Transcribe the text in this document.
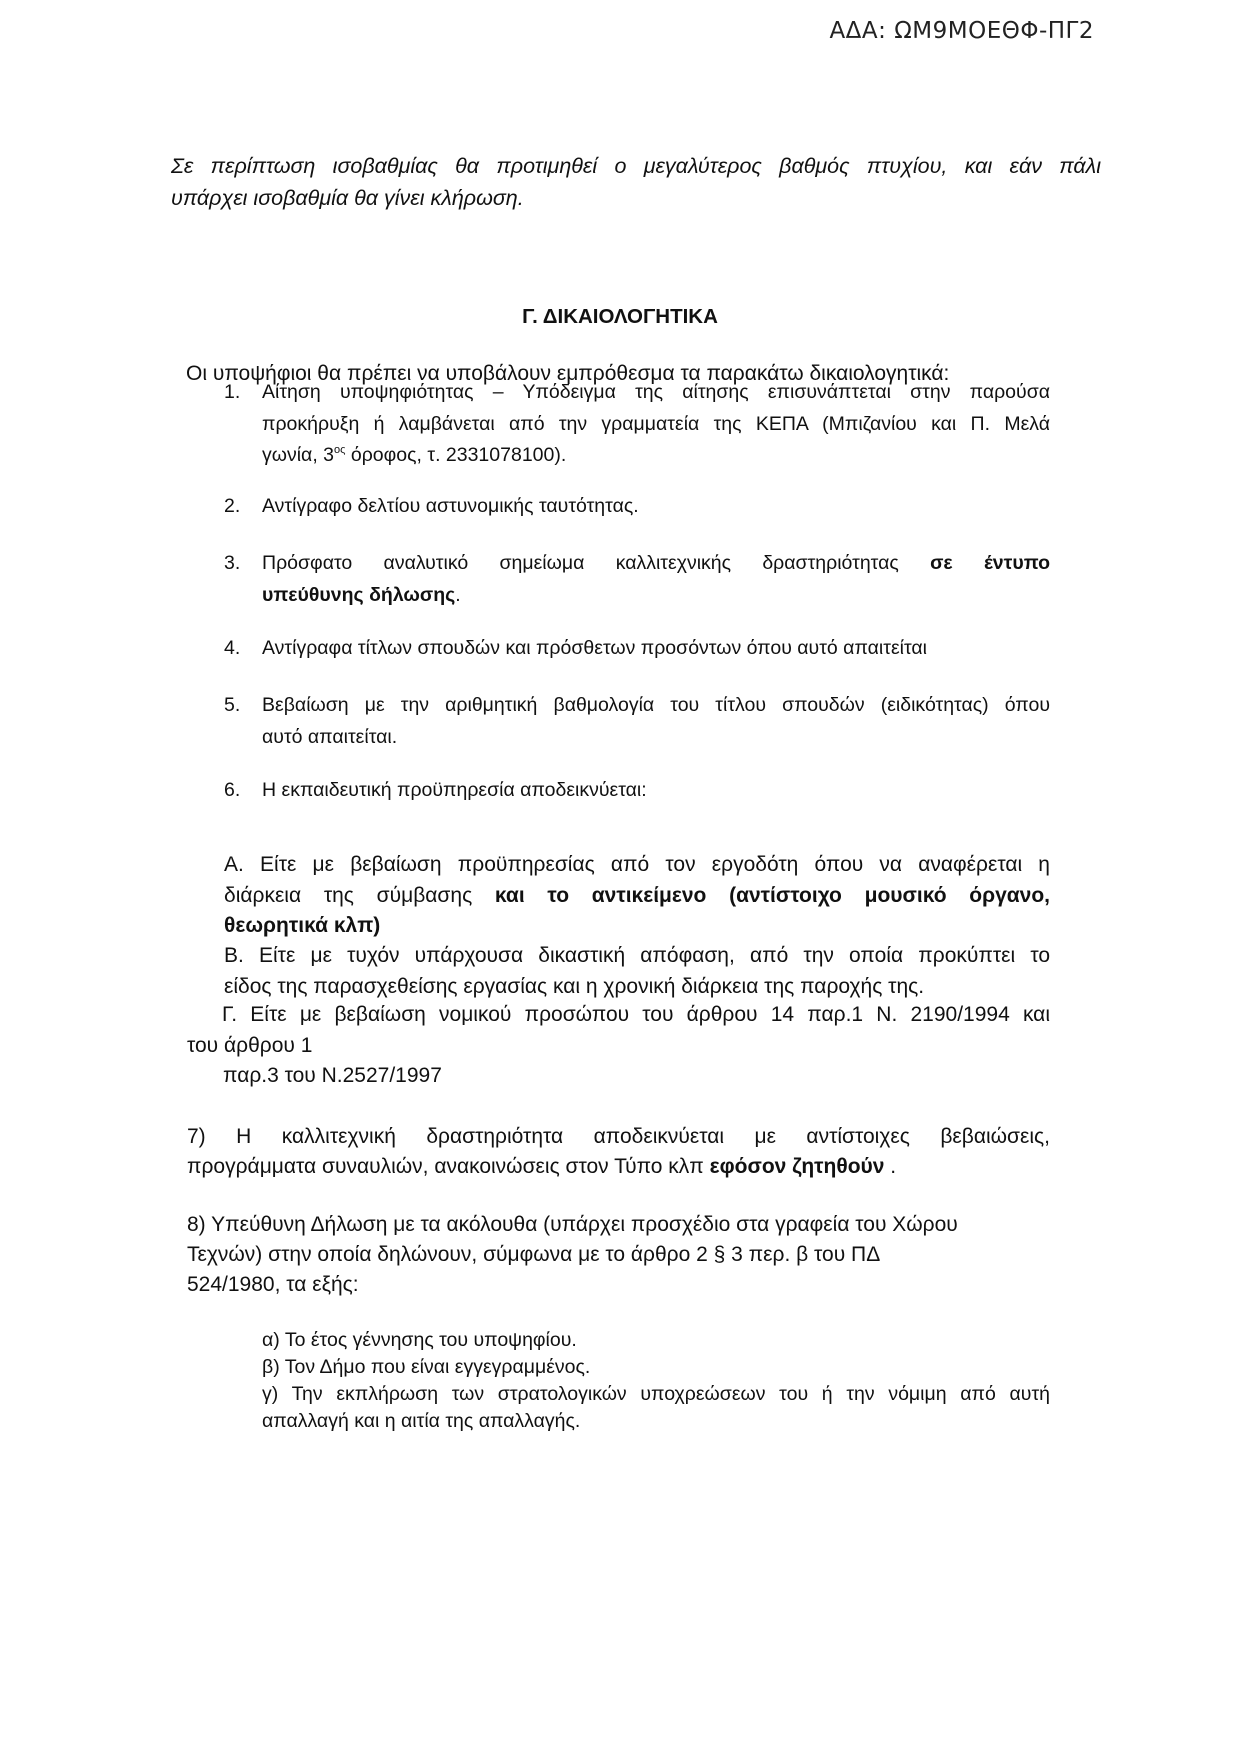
ΑΔΑ: ΩΜ9ΜΟΕΘΦ-ΠΓ2
Σε περίπτωση ισοβαθμίας θα προτιμηθεί ο μεγαλύτερος βαθμός πτυχίου, και εάν πάλι
υπάρχει ισοβαθμία θα γίνει κλήρωση.
Γ. ΔΙΚΑΙΟΛΟΓΗΤΙΚΑ
Οι υποψήφιοι θα πρέπει να υποβάλουν εμπρόθεσμα τα παρακάτω δικαιολογητικά:
1.	Αίτηση υποψηφιότητας – Υπόδειγμα της αίτησης επισυνάπτεται στην παρούσα
προκήρυξη ή λαμβάνεται από την γραμματεία της ΚΕΠΑ (Μπιζανίου και Π. Μελά
γωνία, $3^{o\varsigma}$ όροφος, τ. 2331078100).
2.	Αντίγραφο δελτίου αστυνομικής ταυτότητας.
3.	Πρόσφατο αναλυτικό σημείωμα καλλιτεχνικής δραστηριότητας σε έντυπο
υπεύθυνης δήλωσης.
4.	Αντίγραφα τίτλων σπουδών και πρόσθετων προσόντων όπου αυτό απαιτείται
5.	Βεβαίωση με την αριθμητική βαθμολογία του τίτλου σπουδών (ειδικότητας) όπου
αυτό απαιτείται.
6.	Η εκπαιδευτική προϋπηρεσία αποδεικνύεται:
Α. Είτε με βεβαίωση προϋπηρεσίας από τον εργοδότη όπου να αναφέρεται η
διάρκεια της σύμβασης και το αντικείμενο (αντίστοιχο μουσικό όργανο,
θεωρητικά κλπ)
Β. Είτε με τυχόν υπάρχουσα δικαστική απόφαση, από την οποία προκύπτει το
είδος της παρασχεθείσης εργασίας και η χρονική διάρκεια της παροχής της.
Γ. Είτε με βεβαίωση νομικού προσώπου του άρθρου 14 παρ.1 Ν. 2190/1994 και
του άρθρου 1
παρ.3 του Ν.2527/1997
7) Η καλλιτεχνική δραστηριότητα αποδεικνύεται με αντίστοιχες βεβαιώσεις,
προγράμματα συναυλιών, ανακοινώσεις στον Τύπο κλπ εφόσον ζητηθούν .
8) Υπεύθυνη Δήλωση με τα ακόλουθα (υπάρχει προσχέδιο στα γραφεία του Χώρου
Τεχνών) στην οποία δηλώνουν, σύμφωνα με το άρθρο 2 § 3 περ. β του ΠΔ
524/1980, τα εξής:
α) Το έτος γέννησης του υποψηφίου.
β) Τον Δήμο που είναι εγγεγραμμένος.
γ) Την εκπλήρωση των στρατολογικών υποχρεώσεων του ή την νόμιμη από αυτή
απαλλαγή και η αιτία της απαλλαγής.
